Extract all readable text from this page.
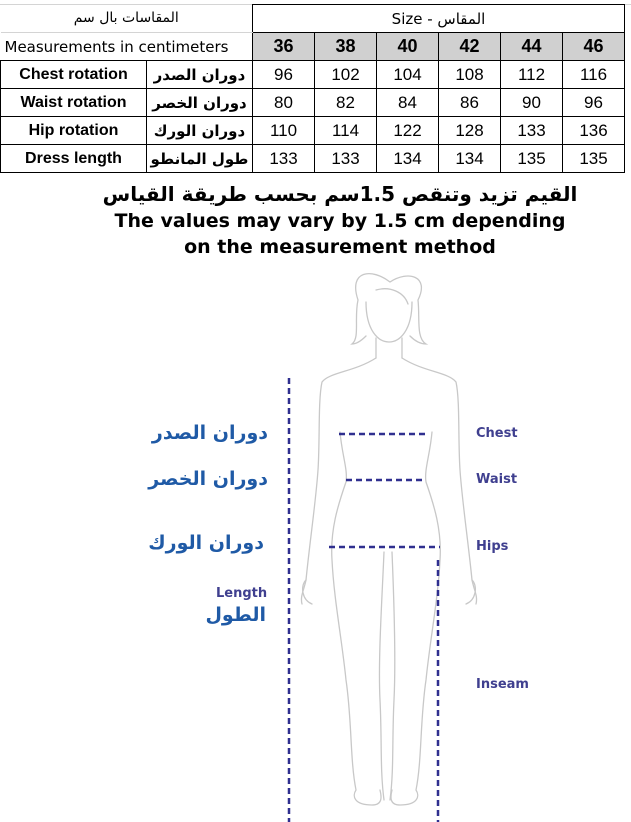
المقاسات بال سم		Size - المقاس					
Measurements in centimeters		36	38	40	42	44	46
Chest rotation	دوران الصدر	96	102	104	108	112	116
Waist rotation	دوران الخصر	80	82	84	86	90	96
Hip rotation	دوران الورك	110	114	122	128	133	136
Dress length	طول المانطو	133	133	134	134	135	135
القيم تزيد وتنقص 1.5سم بحسب طريقة القياس
The values may vary by 1.5 cm depending
on the measurement method
دوران الصدر
دوران الخصر
دوران الورك
Length
الطول
Chest
Waist
Hips
Inseam
